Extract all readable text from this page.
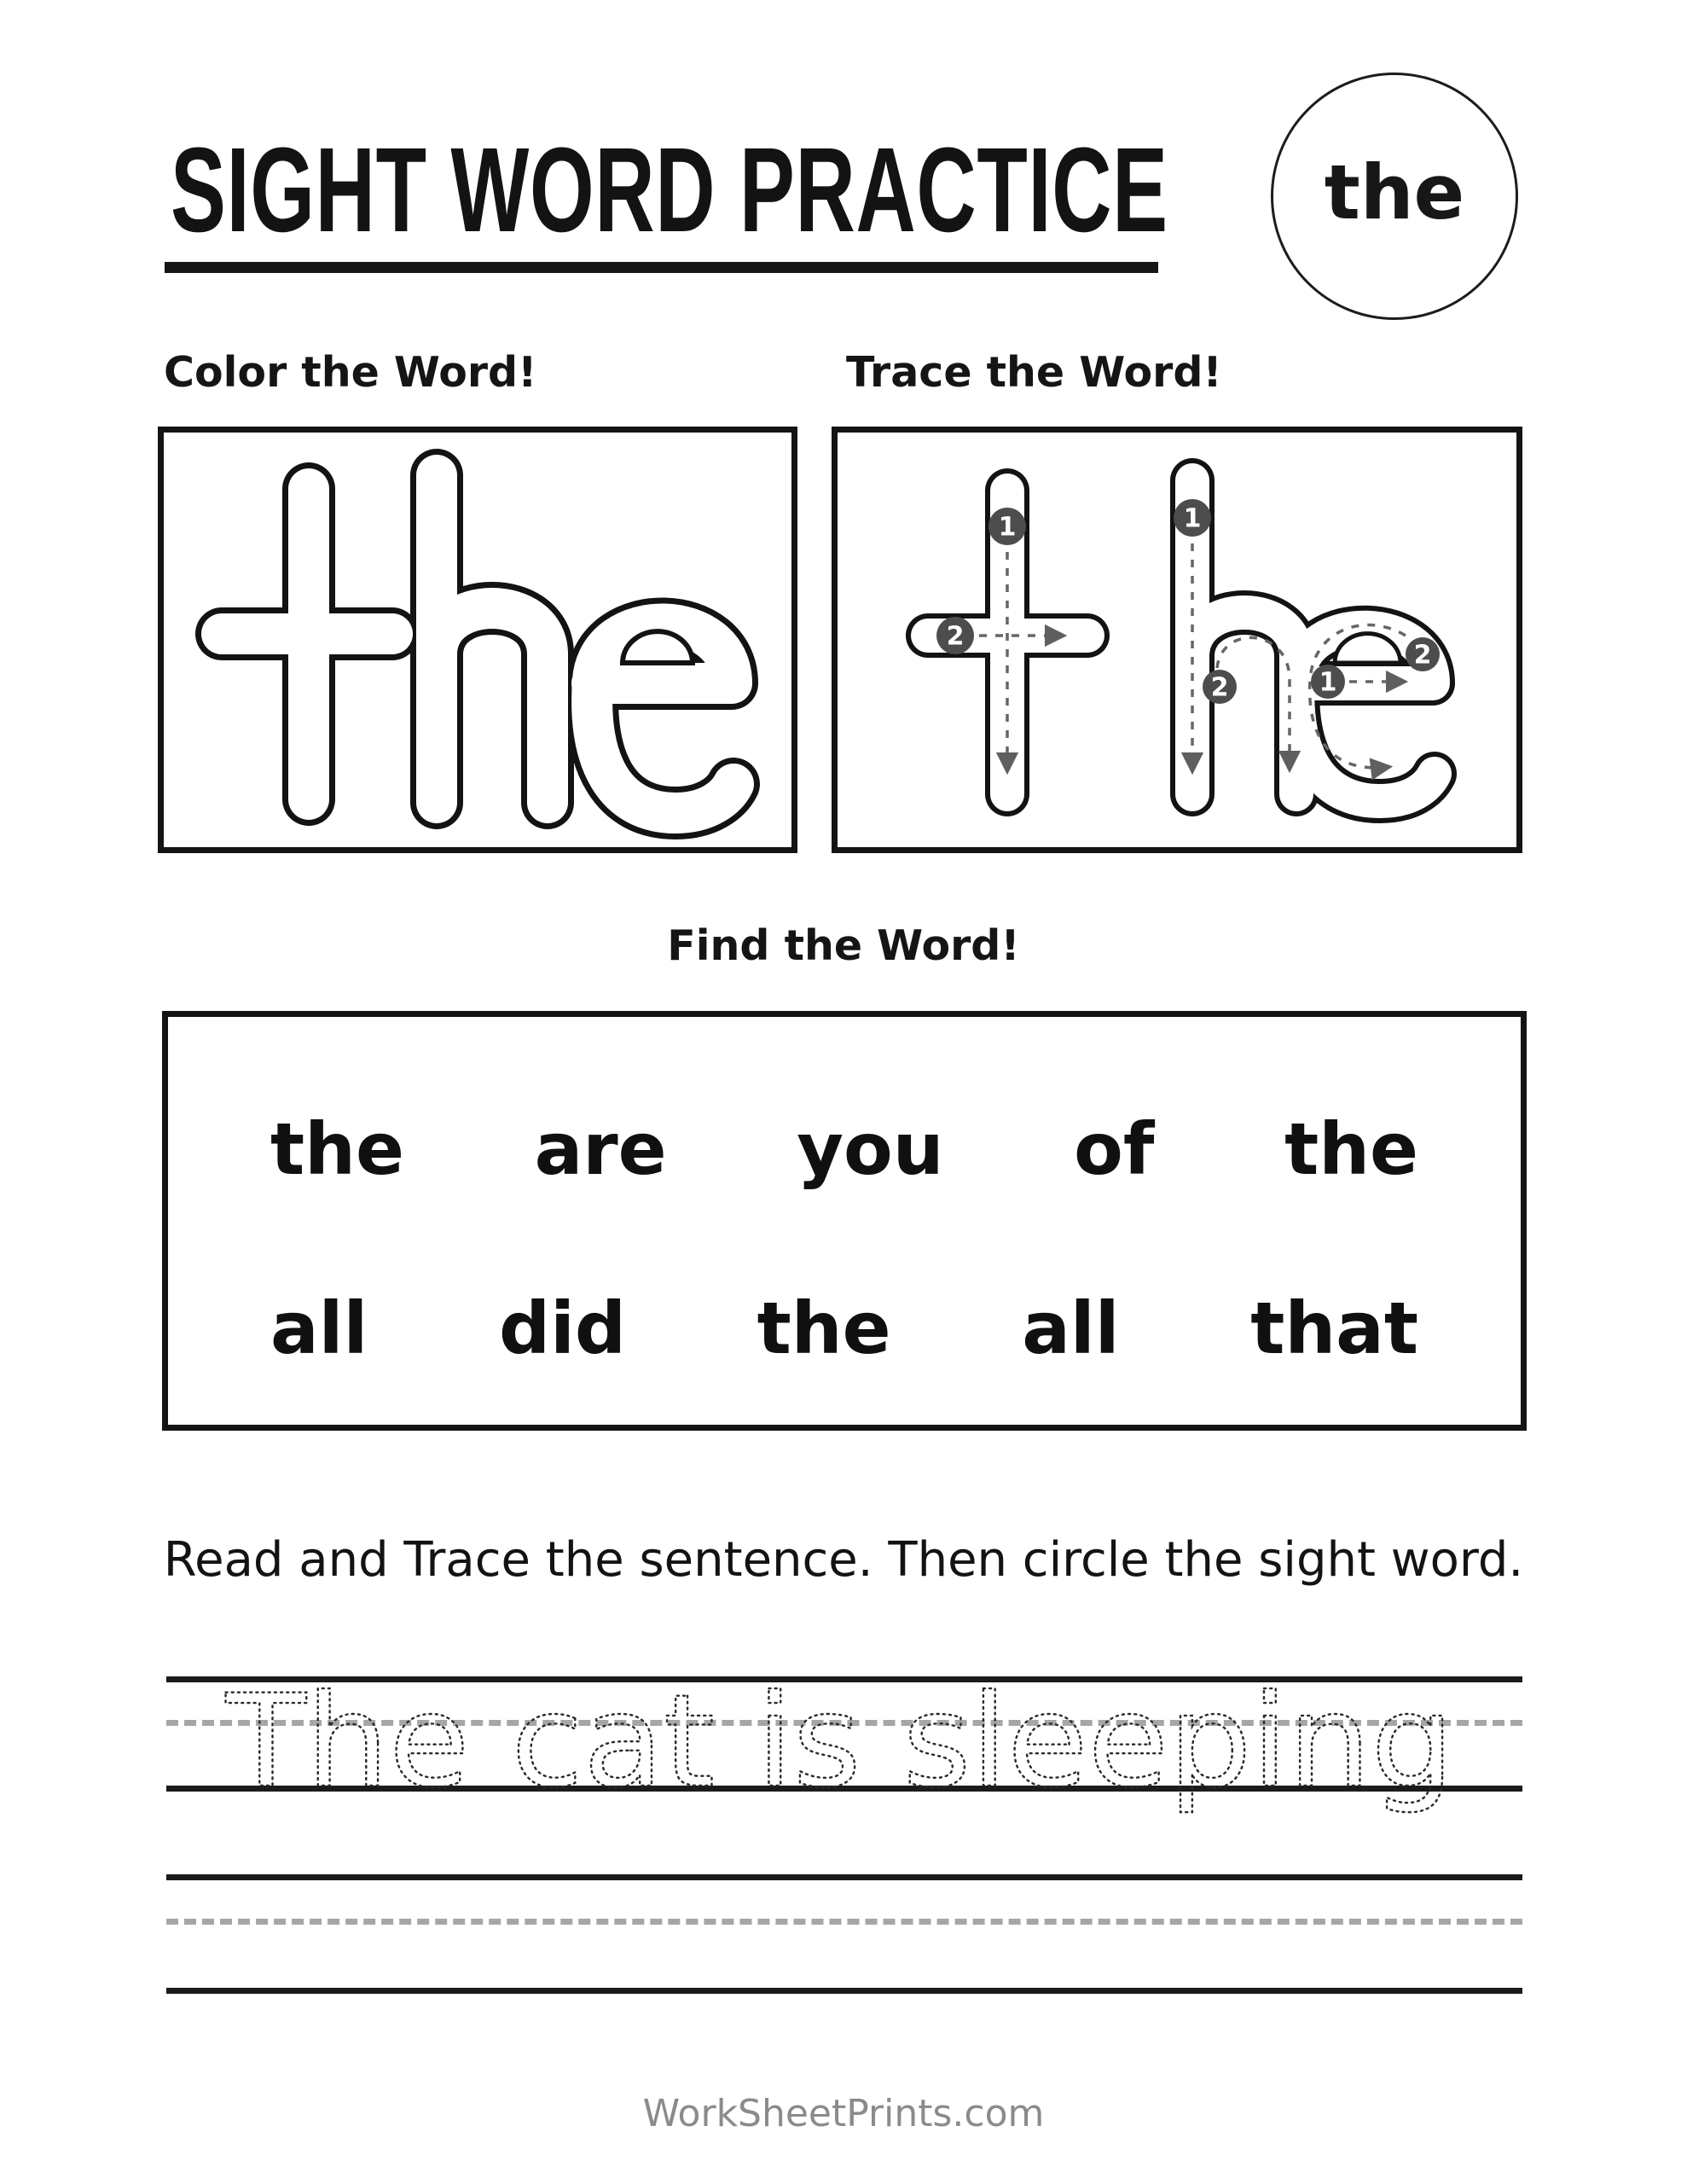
SIGHT WORD PRACTICE the
Color the Word!	Trace the Word!
1
2
1
2	1
2
Find the Word!
the are you of the
all did the all that
Read and Trace the sentence. Then circle the sight word.
The cat is sleeping
WorkSheetPrints.com
